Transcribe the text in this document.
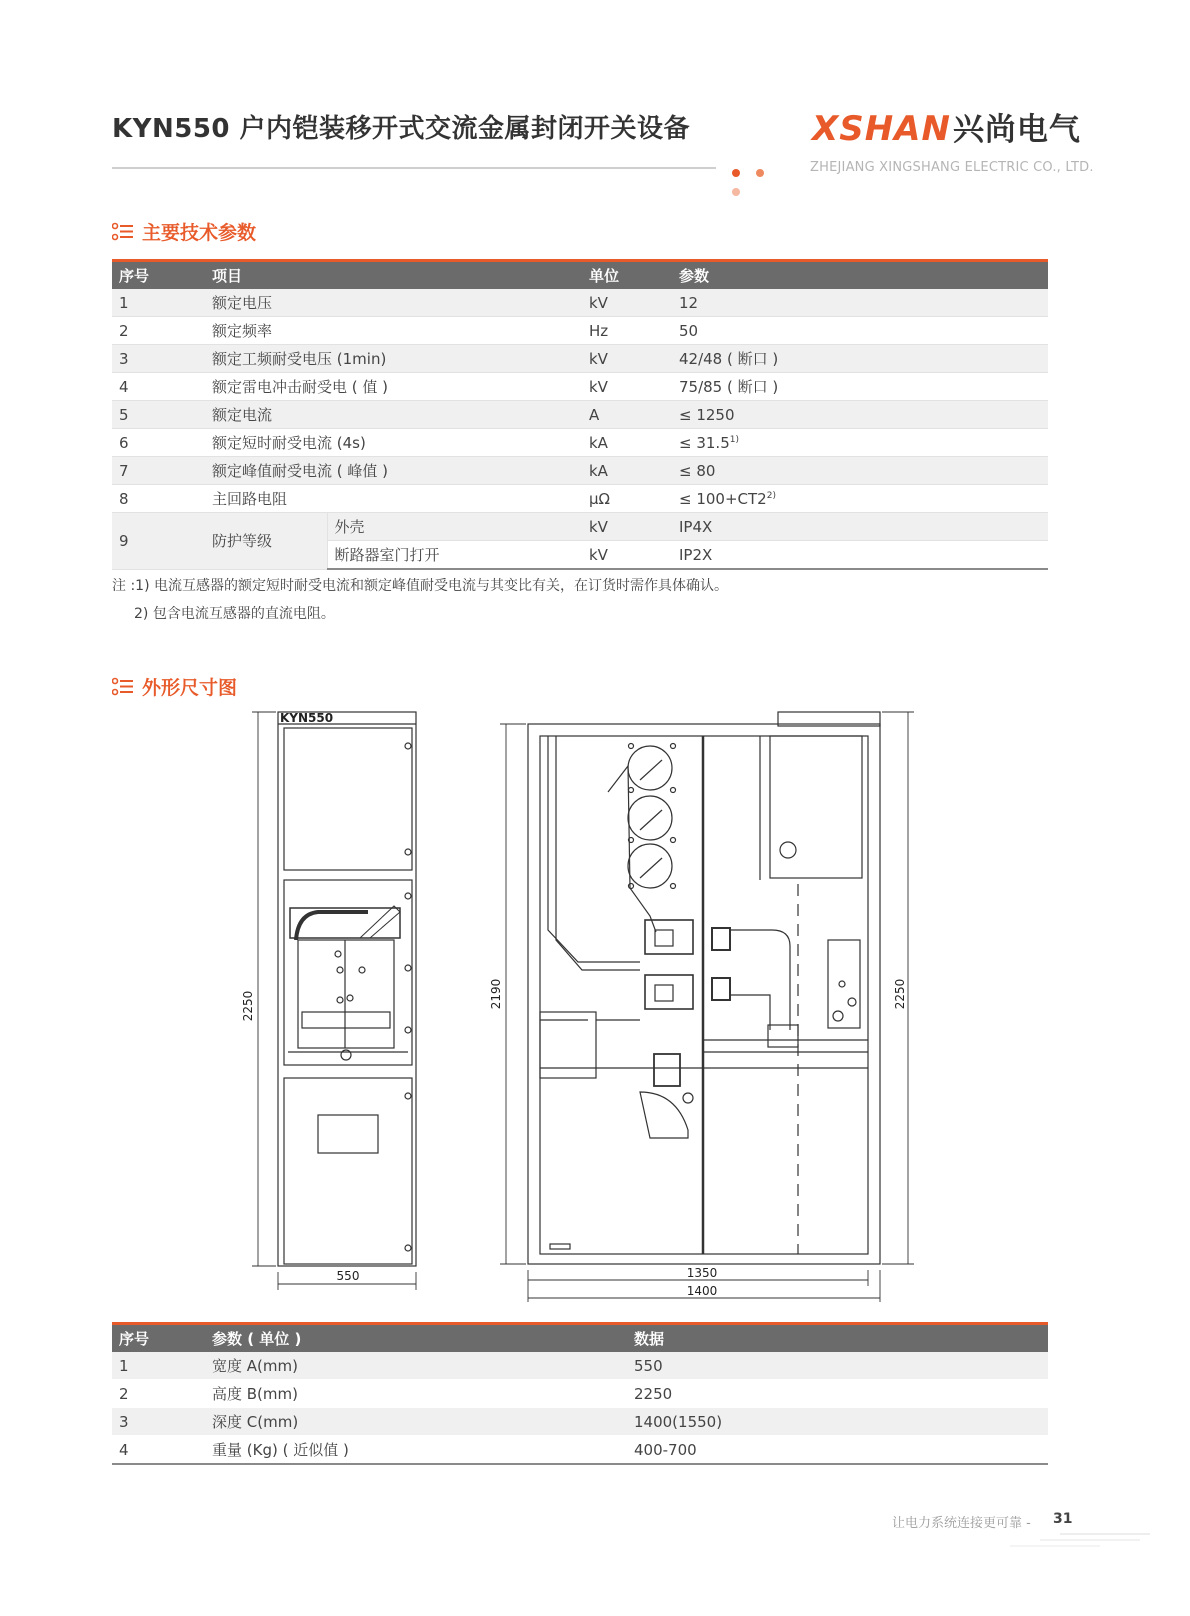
KYN550 户内铠装移开式交流金属封闭开关设备	XSHAN兴尚电气
ZHEJIANG XINGSHANG ELECTRIC CO., LTD.
主要技术参数
序号	项目		单位	参数
1	额定电压		kV	12
2	额定频率		Hz	50
3	额定工频耐受电压 (1min)		kV	42/48 ( 断口 )
4	额定雷电冲击耐受电 ( 值 )		kV	75/85 ( 断口 )
5	额定电流		A	≤ 1250
6	额定短时耐受电流 (4s)		kA	≤ $31.5^{1)}$
7	额定峰值耐受电流 ( 峰值 )		kA	≤ 80
8	主回路电阻		μΩ	≤ $100+CT2^{2)}$
9	防护等级	外壳	kV	IP4X
		断路器室门打开	kV	IP2X
注 :1) 电流互感器的额定短时耐受电流和额定峰值耐受电流与其变比有关，在订货时需作具体确认。
2) 包含电流互感器的直流电阻。
外形尺寸图
KYN550
2250
550
2190	2250
1350
1400
序号	参数 ( 单位 )	数据
1	宽度 A(mm)	550
2	高度 B(mm)	2250
3	深度 C(mm)	1400(1550)
4	重量 (Kg) ( 近似值 )	400-700
让电力系统连接更可靠 - 31
